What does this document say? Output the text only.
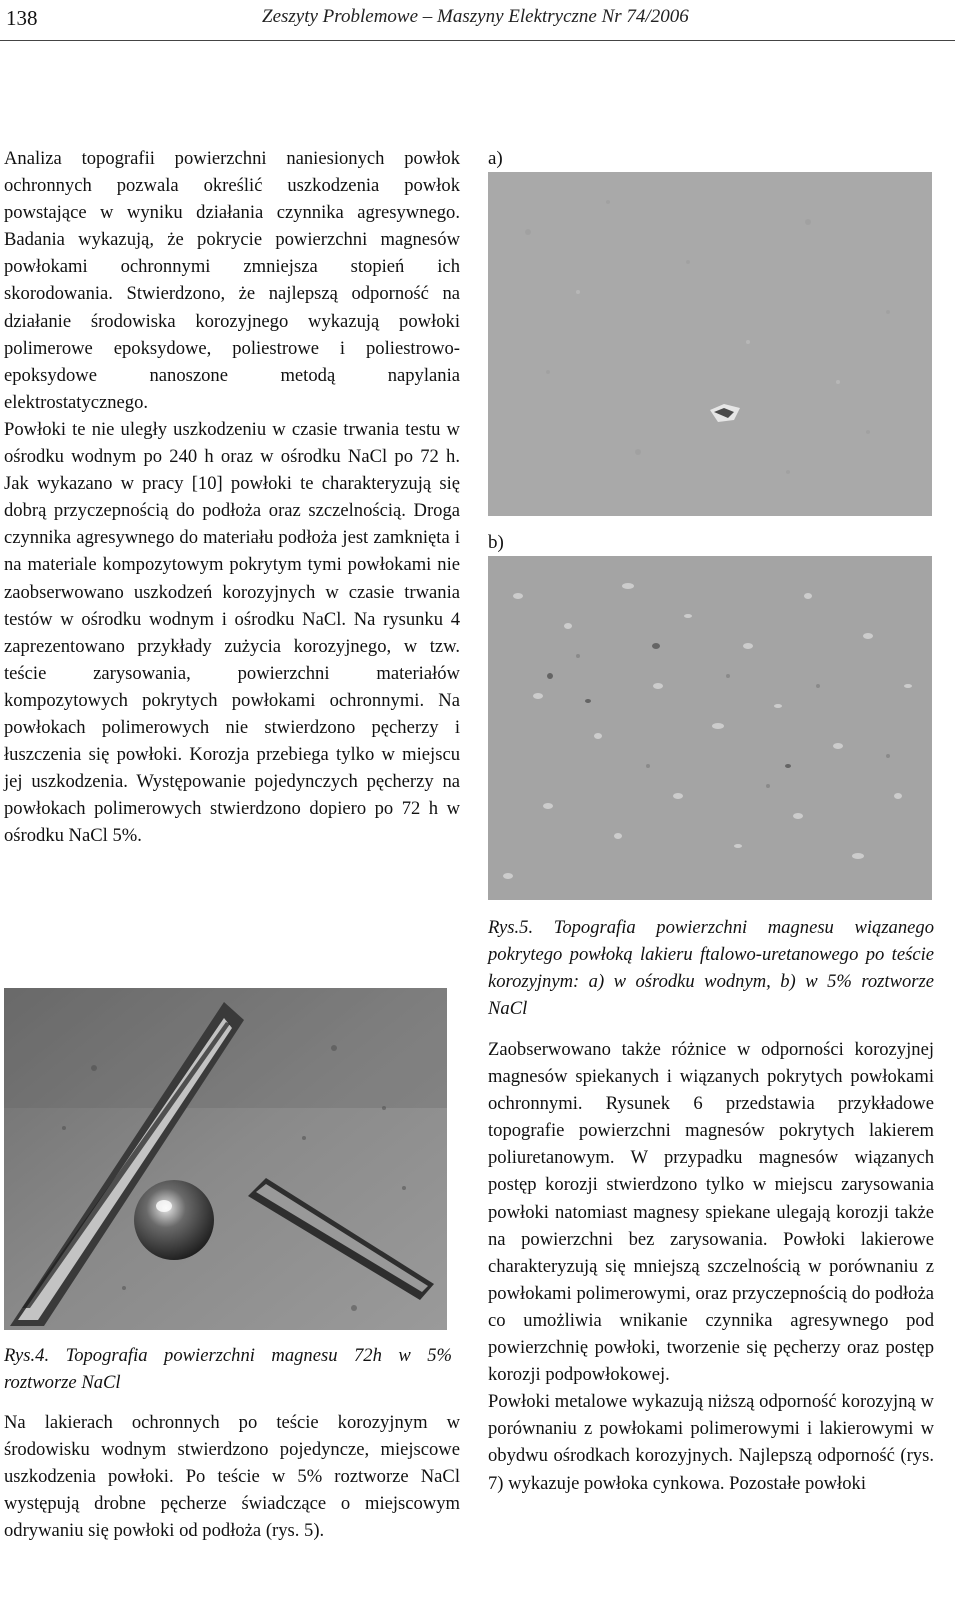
138	Zeszyty Problemowe – Maszyny Elektryczne Nr 74/2006

Analiza topografii powierzchni naniesionych powłok ochronnych pozwala określić uszkodzenia powłok powstające w wyniku działania czynnika agresywnego. Badania wykazują, że pokrycie powierzchni magnesów powłokami ochronnymi zmniejsza stopień ich skorodowania. Stwierdzono, że najlepszą odporność na działanie środowiska korozyjnego wykazują powłoki polimerowe epoksydowe, poliestrowe i poliestrowo-epoksydowe nanoszone metodą napylania elektrostatycznego.

Powłoki te nie uległy uszkodzeniu w czasie trwania testu w ośrodku wodnym po 240 h oraz w ośrodku NaCl po 72 h. Jak wykazano w pracy [10] powłoki te charakteryzują się dobrą przyczepnością do podłoża oraz szczelnością. Droga czynnika agresywnego do materiału podłoża jest zamknięta i na materiale kompozytowym pokrytym tymi powłokami nie zaobserwowano uszkodzeń korozyjnych w czasie trwania testów w ośrodku wodnym i ośrodku NaCl. Na rysunku 4 zaprezentowano przykłady zużycia korozyjnego, w tzw. teście zarysowania, powierzchni materiałów kompozytowych pokrytych powłokami ochronnymi. Na powłokach polimerowych nie stwierdzono pęcherzy i łuszczenia się powłoki. Korozja przebiega tylko w miejscu jej uszkodzenia. Występowanie pojedynczych pęcherzy na powłokach polimerowych stwierdzono dopiero po 72 h w ośrodku NaCl 5%.

Rys.4. Topografia powierzchni magnesu 72h w 5% roztworze NaCl

Na lakierach ochronnych po teście korozyjnym w środowisku wodnym stwierdzono pojedyncze, miejscowe uszkodzenia powłoki. Po teście w 5% roztworze NaCl występują drobne pęcherze świadczące o miejscowym odrywaniu się powłoki od podłoża (rys. 5).

a)
b)
Rys.5. Topografia powierzchni magnesu wiązanego pokrytego powłoką lakieru ftalowo-uretanowego po teście korozyjnym: a) w ośrodku wodnym, b) w 5% roztworze NaCl

Zaobserwowano także różnice w odporności korozyjnej magnesów spiekanych i wiązanych pokrytych powłokami ochronnymi. Rysunek 6 przedstawia przykładowe topografie powierzchni magnesów pokrytych lakierem poliuretanowym. W przypadku magnesów wiązanych postęp korozji stwierdzono tylko w miejscu zarysowania powłoki natomiast magnesy spiekane ulegają korozji także na powierzchni bez zarysowania. Powłoki lakierowe charakteryzują się mniejszą szczelnością w porównaniu z powłokami polimerowymi, oraz przyczepnością do podłoża co umożliwia wnikanie czynnika agresywnego pod powierzchnię powłoki, tworzenie się pęcherzy oraz postęp korozji podpowłokowej.

Powłoki metalowe wykazują niższą odporność korozyjną w porównaniu z powłokami polimerowymi i lakierowymi w obydwu ośrodkach korozyjnych. Najlepszą odporność (rys. 7) wykazuje powłoka cynkowa. Pozostałe powłoki
